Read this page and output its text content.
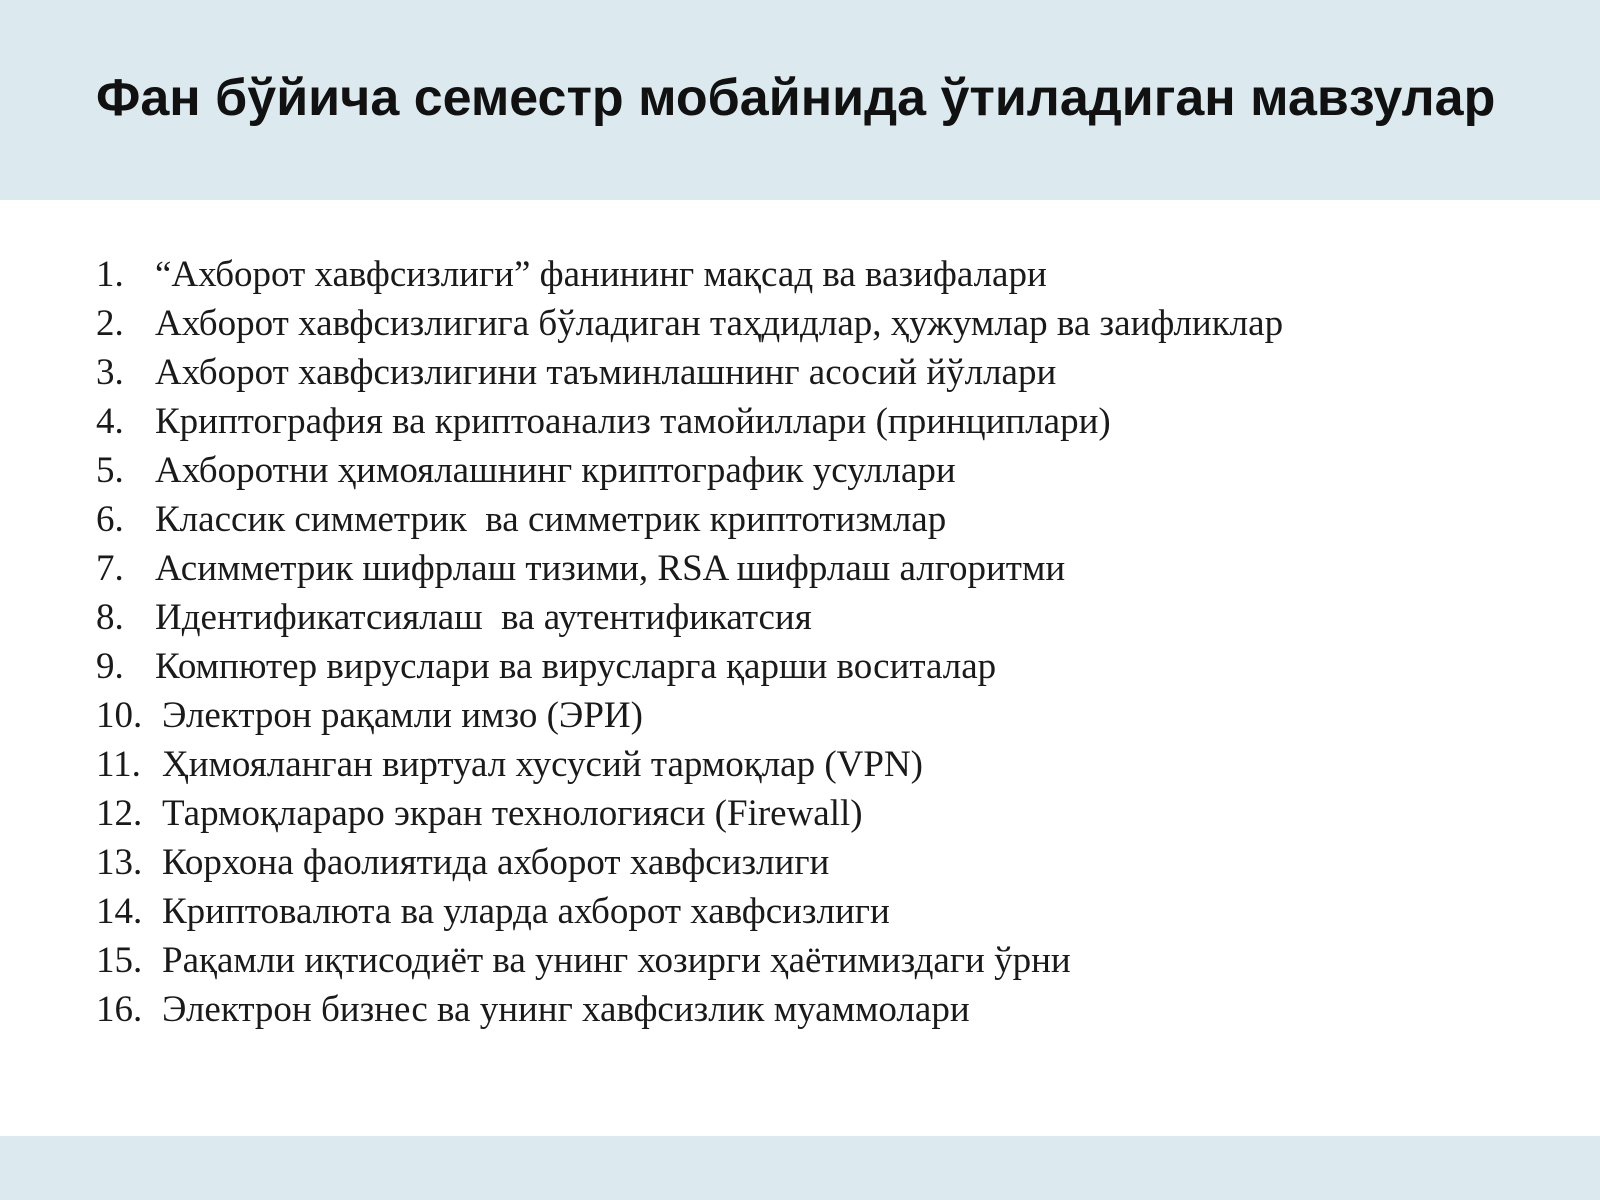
Фан бўйича семестр мобайнида ўтиладиган мавзулар
1. “Ахборот хавфсизлиги” фанининг мақсад ва вазифалари
2. Ахборот хавфсизлигига бўладиган таҳдидлар, ҳужумлар ва заифликлар
3. Ахборот хавфсизлигини таъминлашнинг асосий йўллари
4. Криптография ва криптоанализ тамойиллари (принциплари)
5. Ахборотни ҳимоялашнинг криптографик усуллари
6. Классик симметрик  ва симметрик криптотизмлар
7. Асимметрик шифрлаш тизими, RSA шифрлаш алгоритми
8. Идентификатсиялаш  ва аутентификатсия
9. Компютер вируслари ва вирусларга қарши воситалар
10. Электрон рақамли имзо (ЭРИ)
11. Ҳимояланган виртуал хусусий тармоқлар (VPN)
12. Тармоқлараро экран технологияси (Firewall)
13. Корхона фаолиятида ахборот хавфсизлиги
14. Криптовалюта ва уларда ахборот хавфсизлиги
15. Рақамли иқтисодиёт ва унинг хозирги ҳаётимиздаги ўрни
16. Электрон бизнес ва унинг хавфсизлик муаммолари
